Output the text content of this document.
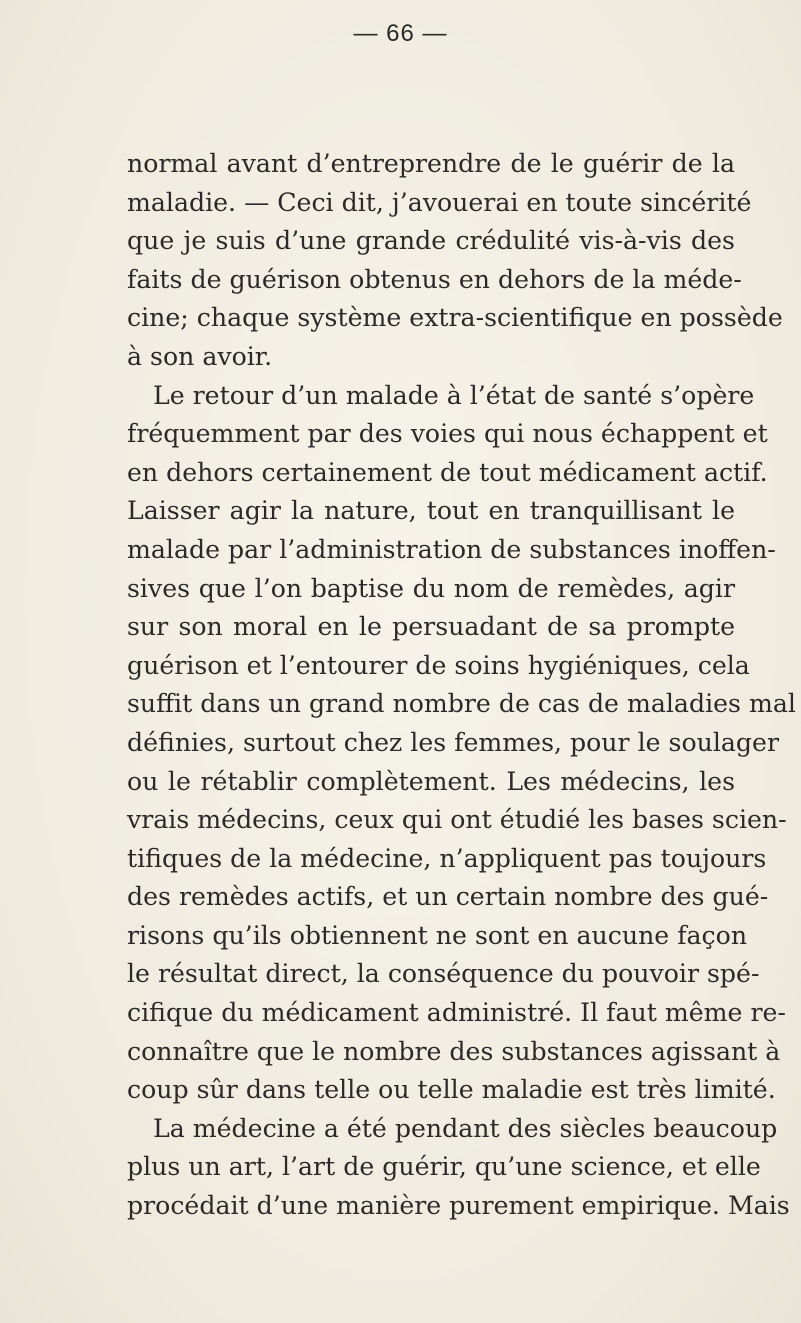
— 66 —
normal avant d’entreprendre de le guérir de la
maladie. — Ceci dit, j’avouerai en toute sincérité
que je suis d’une grande crédulité vis-à-vis des
faits de guérison obtenus en dehors de la méde-
cine; chaque système extra-scientifique en possède
à son avoir.
Le retour d’un malade à l’état de santé s’opère
fréquemment par des voies qui nous échappent et
en dehors certainement de tout médicament actif.
Laisser agir la nature, tout en tranquillisant le
malade par l’administration de substances inoffen-
sives que l’on baptise du nom de remèdes, agir
sur son moral en le persuadant de sa prompte
guérison et l’entourer de soins hygiéniques, cela
suffit dans un grand nombre de cas de maladies mal
définies, surtout chez les femmes, pour le soulager
ou le rétablir complètement. Les médecins, les
vrais médecins, ceux qui ont étudié les bases scien-
tifiques de la médecine, n’appliquent pas toujours
des remèdes actifs, et un certain nombre des gué-
risons qu’ils obtiennent ne sont en aucune façon
le résultat direct, la conséquence du pouvoir spé-
cifique du médicament administré. Il faut même re-
connaître que le nombre des substances agissant à
coup sûr dans telle ou telle maladie est très limité.
La médecine a été pendant des siècles beaucoup
plus un art, l’art de guérir, qu’une science, et elle
procédait d’une manière purement empirique. Mais
